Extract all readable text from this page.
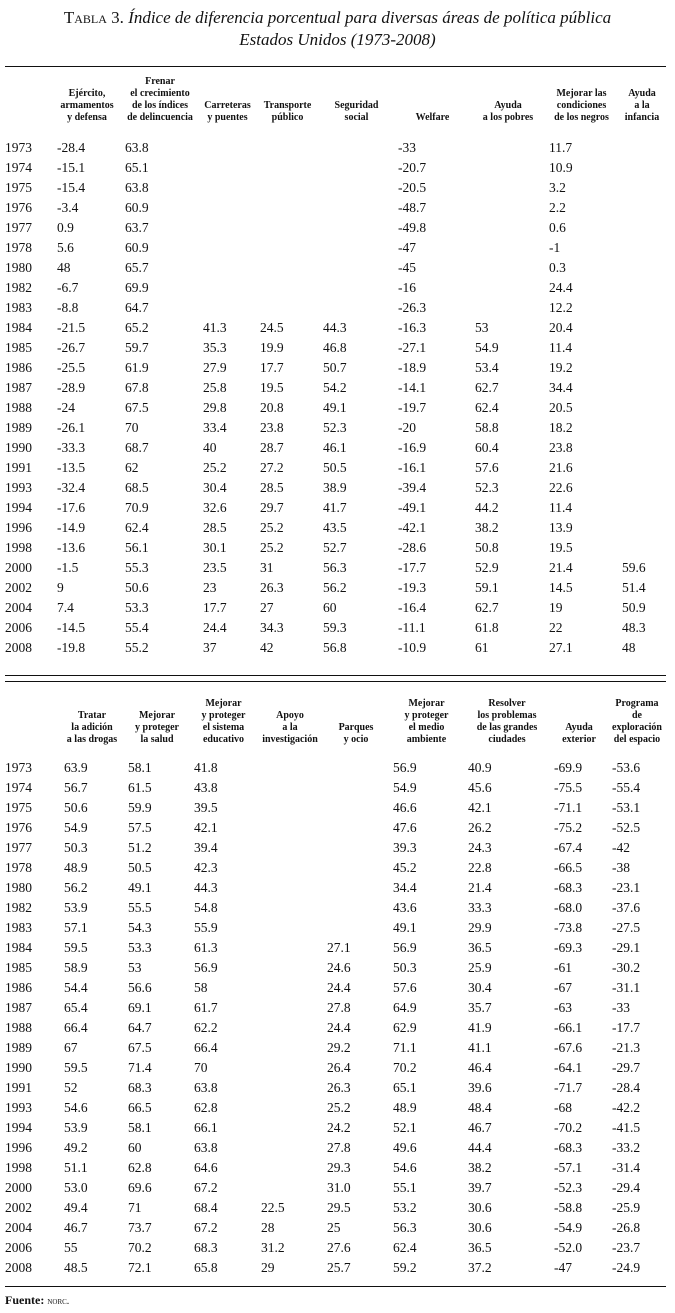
Tabla 3. Índice de diferencia porcentual para diversas áreas de política pública
Estados Unidos (1973-2008)
	Ejército,
armamentos
y defensa	Frenar
el crecimiento
de los índices
de delincuencia	Carreteras
y puentes	Transporte
público	Seguridad
social	Welfare	Ayuda
a los pobres	Mejorar las
condiciones
de los negros	Ayuda
a la
infancia
1973	-28.4	63.8				-33		11.7	
1974	-15.1	65.1				-20.7		10.9	
1975	-15.4	63.8				-20.5		3.2	
1976	-3.4	60.9				-48.7		2.2	
1977	0.9	63.7				-49.8		0.6	
1978	5.6	60.9				-47		-1	
1980	48	65.7				-45		0.3	
1982	-6.7	69.9				-16		24.4	
1983	-8.8	64.7				-26.3		12.2	
1984	-21.5	65.2	41.3	24.5	44.3	-16.3	53	20.4	
1985	-26.7	59.7	35.3	19.9	46.8	-27.1	54.9	11.4	
1986	-25.5	61.9	27.9	17.7	50.7	-18.9	53.4	19.2	
1987	-28.9	67.8	25.8	19.5	54.2	-14.1	62.7	34.4	
1988	-24	67.5	29.8	20.8	49.1	-19.7	62.4	20.5	
1989	-26.1	70	33.4	23.8	52.3	-20	58.8	18.2	
1990	-33.3	68.7	40	28.7	46.1	-16.9	60.4	23.8	
1991	-13.5	62	25.2	27.2	50.5	-16.1	57.6	21.6	
1993	-32.4	68.5	30.4	28.5	38.9	-39.4	52.3	22.6	
1994	-17.6	70.9	32.6	29.7	41.7	-49.1	44.2	11.4	
1996	-14.9	62.4	28.5	25.2	43.5	-42.1	38.2	13.9	
1998	-13.6	56.1	30.1	25.2	52.7	-28.6	50.8	19.5	
2000	-1.5	55.3	23.5	31	56.3	-17.7	52.9	21.4	59.6
2002	9	50.6	23	26.3	56.2	-19.3	59.1	14.5	51.4
2004	7.4	53.3	17.7	27	60	-16.4	62.7	19	50.9
2006	-14.5	55.4	24.4	34.3	59.3	-11.1	61.8	22	48.3
2008	-19.8	55.2	37	42	56.8	-10.9	61	27.1	48
	Tratar
la adición
a las drogas	Mejorar
y proteger
la salud	Mejorar
y proteger
el sistema
educativo	Apoyo
a la
investigación	Parques
y ocio	Mejorar
y proteger
el medio
ambiente	Resolver
los problemas
de las grandes
ciudades	Ayuda
exterior	Programa
de
exploración
del espacio
1973	63.9	58.1	41.8			56.9	40.9	-69.9	-53.6
1974	56.7	61.5	43.8			54.9	45.6	-75.5	-55.4
1975	50.6	59.9	39.5			46.6	42.1	-71.1	-53.1
1976	54.9	57.5	42.1			47.6	26.2	-75.2	-52.5
1977	50.3	51.2	39.4			39.3	24.3	-67.4	-42
1978	48.9	50.5	42.3			45.2	22.8	-66.5	-38
1980	56.2	49.1	44.3			34.4	21.4	-68.3	-23.1
1982	53.9	55.5	54.8			43.6	33.3	-68.0	-37.6
1983	57.1	54.3	55.9			49.1	29.9	-73.8	-27.5
1984	59.5	53.3	61.3		27.1	56.9	36.5	-69.3	-29.1
1985	58.9	53	56.9		24.6	50.3	25.9	-61	-30.2
1986	54.4	56.6	58		24.4	57.6	30.4	-67	-31.1
1987	65.4	69.1	61.7		27.8	64.9	35.7	-63	-33
1988	66.4	64.7	62.2		24.4	62.9	41.9	-66.1	-17.7
1989	67	67.5	66.4		29.2	71.1	41.1	-67.6	-21.3
1990	59.5	71.4	70		26.4	70.2	46.4	-64.1	-29.7
1991	52	68.3	63.8		26.3	65.1	39.6	-71.7	-28.4
1993	54.6	66.5	62.8		25.2	48.9	48.4	-68	-42.2
1994	53.9	58.1	66.1		24.2	52.1	46.7	-70.2	-41.5
1996	49.2	60	63.8		27.8	49.6	44.4	-68.3	-33.2
1998	51.1	62.8	64.6		29.3	54.6	38.2	-57.1	-31.4
2000	53.0	69.6	67.2		31.0	55.1	39.7	-52.3	-29.4
2002	49.4	71	68.4	22.5	29.5	53.2	30.6	-58.8	-25.9
2004	46.7	73.7	67.2	28	25	56.3	30.6	-54.9	-26.8
2006	55	70.2	68.3	31.2	27.6	62.4	36.5	-52.0	-23.7
2008	48.5	72.1	65.8	29	25.7	59.2	37.2	-47	-24.9
Fuente: norc.
